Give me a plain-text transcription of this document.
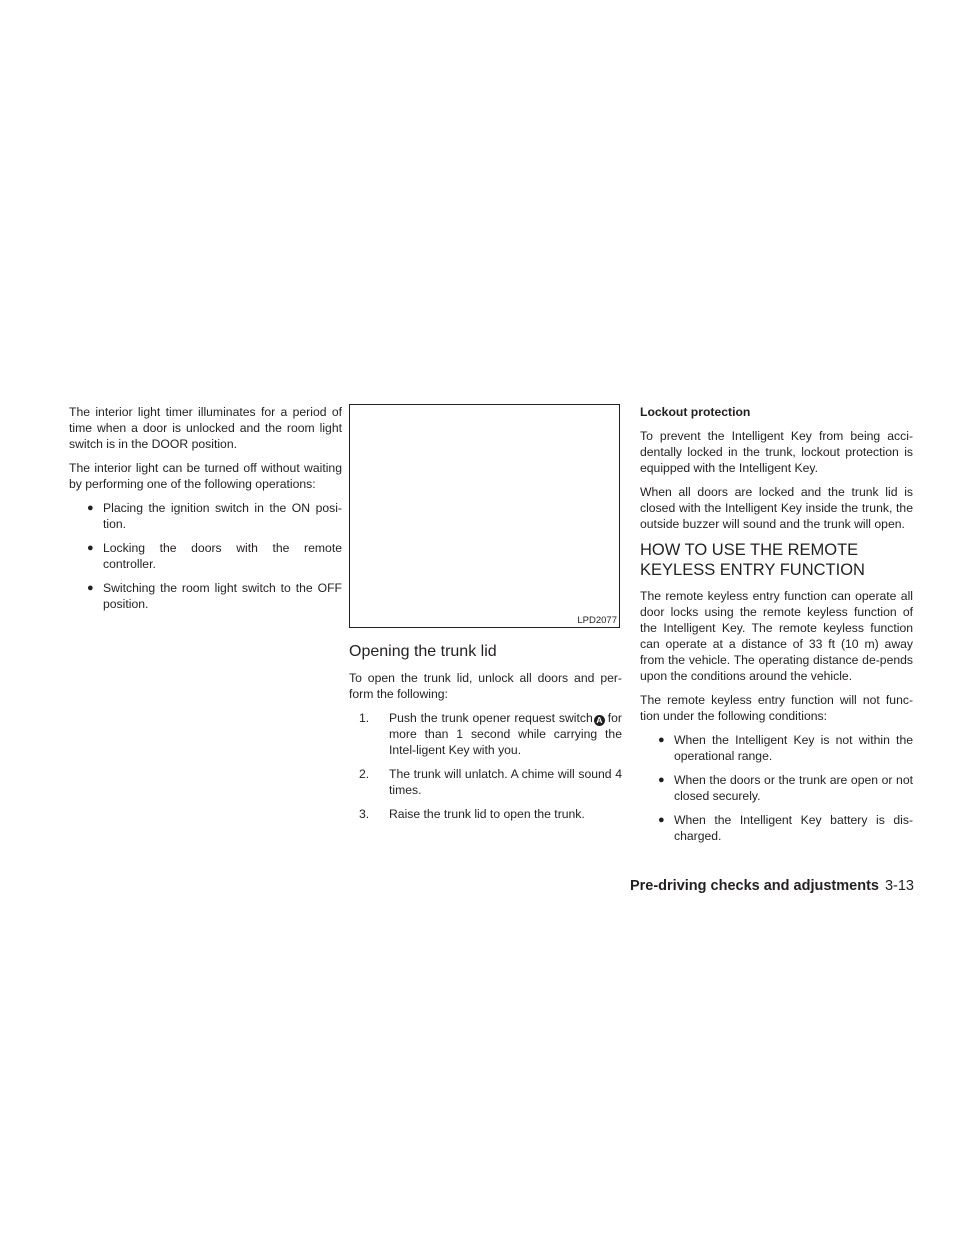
The interior light timer illuminates for a period of time when a door is unlocked and the room light switch is in the DOOR position.

The interior light can be turned off without waiting by performing one of the following operations:

● Placing the ignition switch in the ON posi-tion.
● Locking the doors with the remote controller.
● Switching the room light switch to the OFF position.
LPD2077
Opening the trunk lid

To open the trunk lid, unlock all doors and per-form the following:

1. Push the trunk opener request switch A for more than 1 second while carrying the Intel-ligent Key with you.
2. The trunk will unlatch. A chime will sound 4 times.
3. Raise the trunk lid to open the trunk.
Lockout protection

To prevent the Intelligent Key from being acci-dentally locked in the trunk, lockout protection is equipped with the Intelligent Key.

When all doors are locked and the trunk lid is closed with the Intelligent Key inside the trunk, the outside buzzer will sound and the trunk will open.

HOW TO USE THE REMOTE
KEYLESS ENTRY FUNCTION

The remote keyless entry function can operate all door locks using the remote keyless function of the Intelligent Key. The remote keyless function can operate at a distance of 33 ft (10 m) away from the vehicle. The operating distance de-pends upon the conditions around the vehicle.

The remote keyless entry function will not func-tion under the following conditions:

● When the Intelligent Key is not within the operational range.
● When the doors or the trunk are open or not closed securely.
● When the Intelligent Key battery is dis-charged.
Pre-driving checks and adjustments 3-13
